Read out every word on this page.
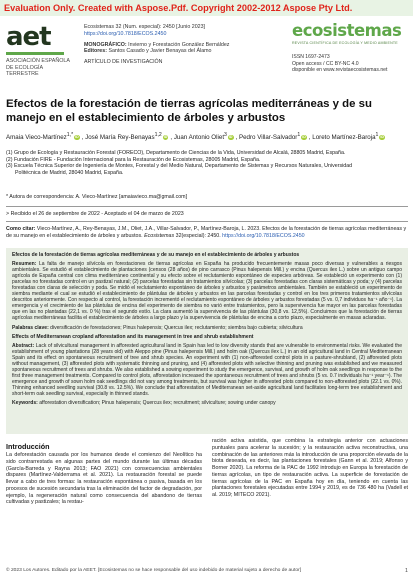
Evaluation Only. Created with Aspose.Pdf. Copyright 2002-2012 Aspose Pty Ltd.
aet
ASOCIACIÓN ESPAÑOLA
DE ECOLOGÍA TERRESTRE
Ecosistemas 32 (Num. especial): 2450 [Junio 2023]
https://doi.org/10.7818/ECOS.2450
MONOGRÁFICO: Invierno y Forestación González Bernáldez
Editores: Santos Casado y Javier Benayas del Álamo
ARTÍCULO DE INVESTIGACIÓN
ecosistemas
REVISTA CIENTÍFICA DE ECOLOGÍA Y MEDIO AMBIENTE
ISSN 1697-2473
Open access / CC BY-NC 4.0
disponible en www.revistaecosistemas.net
Efectos de la forestación de tierras agrícolas mediterráneas y de su manejo en el establecimiento de árboles y arbustos
Amaia Vieco-Martínez$^{1,*}$ iD , José María Rey-Benayas$^{1,2}$ iD , Juan Antonio Oliet$^3$ iD , Pedro Villar-Salvador$^1$ iD , Loreto Martínez-Baroja$^1$ iD
(1) Grupo de Ecología y Restauración Forestal (FORECO), Departamento de Ciencias de la Vida, Universidad de Alcalá, 28805 Madrid, España.
(2) Fundación FIRE - Fundación Internacional para la Restauración de Ecosistemas, 28005 Madrid, España.
(3) Escuela Técnica Superior de Ingeniería de Montes, Forestal y del Medio Natural, Departamento de Sistemas y Recursos Naturales, Universidad
Politécnica de Madrid, 28040 Madrid, España.
* Autora de correspondencia: A. Vieco-Martínez [amaiavieco.ma@gmail.com]
> Recibido el 26 de septiembre de 2022 - Aceptado el 04 de marzo de 2023
Como citar: Vieco-Martínez, A., Rey-Benayas, J.M., Oliet, J.A., Villar-Salvador, P., Martínez-Baroja, L. 2023. Efectos de la forestación de tierras agrícolas mediterráneas y de su manejo en el establecimiento de árboles y arbustos. Ecosistemas 32(especial): 2450. https://doi.org/10.7818/ECOS.2450
Efectos de la forestación de tierras agrícolas mediterráneas y de su manejo en el establecimiento de árboles y arbustos

Resumen: La falta de manejo silvícola en forestaciones de tierras agrícolas en España ha producido frecuentemente masas poco diversas y vulnerables a riesgos ambientales. Se estudió el establecimiento de plantaciones (censos (28 años) de pino carrasco (Pinus halepensis Mill.) y encina (Quercus ilex L.) sobre un antiguo campo agrícola de España central con clima mediterráneo continental y su efecto sobre el reclutamiento espontáneo de especies arbóreas. Se estableció un experimento con (1) parcelas no forestadas control en un pastizal natural; (2) parcelas forestadas sin tratamientos silvícolas; (3) parcelas forestadas con claras sistemáticas y poda; y (4) parcelas forestadas con claras de selección y poda. Se midió el reclutamiento espontáneo de árboles y arbustos y parámetros ambientales. También se estableció un experimento de siembra mediante el cual se estudió el establecimiento de plántulas de árboles y arbustos en las parcelas forestadas y control en los tres primeros tratamientos silvícolas descritos anteriormente. Con respecto al control, la forestación incrementó el reclutamiento espontáneo de árboles y arbustos forestadas (5 vs. 0,7 individuos ha⁻¹ año⁻¹). La emergencia y el crecimiento de las plántulas de encina del experimento de siembra no varió entre tratamientos, pero la supervivencia fue mayor en las parcelas forestadas que en las no plantadas (22,1 vs. 0 %) tras el segundo estío. La clara aumentó la supervivencia de las plántulas (30,8 vs. 12,5%). Concluimos que la forestación de tierras agrícolas mediterráneas facilita el establecimiento de árboles a largo plazo y la supervivencia de plántulas de encina a corto plazo, especialmente en masas aclaradas.

Palabras clave: diversificación de forestaciones; Pinus halepensis; Quercus ilex; reclutamiento; siembra bajo cubierta; silvicultura

Effects of Mediterranean cropland afforestation and its management in tree and shrub establishment

Abstract: Lack of silvicultural management in afforested agricultural land in Spain has led to low diversity stands that are vulnerable to environmental risks. We evaluated the establishment of young plantations (28 years old) with Aleppo pine (Pinus halepensis Mill.) and holm oak (Quercus ilex L.) in an old agricultural land in Central Mediterranean Spain and its effect on spontaneous recruitment of tree and shrub species. An experiment with (1) non-afforested control plots in a pasture-shrubland, (2) afforested plots without management, (3) afforested plots with systematic thinning and pruning, and (4) afforested plots with selective thinning and pruning was established and we measured spontaneous recruitment of trees and shrubs. We also established a sowing experiment to study the emergence, survival, and growth of holm oak seedlings in response to the first three management treatments. Compared to control plots, afforestation increased the spontaneous recruitment of trees and shrubs (5 vs. 0.7 individuals ha⁻¹ year⁻¹). The emergence and growth of sown holm oak seedlings did not vary among treatments, but survival was higher in afforested plots compared to non-afforested plots (22.1 vs. 0%). Thinning enhanced seedling survival (30.8 vs. 12.5%). We conclude that afforestation of Mediterranean set-aside agricultural land facilitates long-term tree establishment and short-term oak seedling survival, especially in thinned stands.

Keywords: afforestation diversification; Pinus halepensis; Quercus ilex; recruitment; silviculture; sowing under canopy

Introducción
La deforestación causada por los humanos desde el comienzo del Neolítico ha sido contrarrestada en algunas partes del mundo durante las últimas décadas (García-Barreda y Rayna 2013; FAO 2021) con consecuencias ambientales dispares (Martínez-Valderrama et al. 2021). La restauración forestal se puede llevar a cabo de tres formas: la restauración espontánea o pasiva, basada en los procesos de sucesión secundaria tras la eliminación del factor de degradación, por ejemplo, la regeneración natural como consecuencia del abandono de tierras cultivadas y pastizales; la restau-
ración activa asistida, que combina la estrategia anterior con actuaciones puntuales para acelerar la sucesión; y la restauración activa reconstructiva, una combinación de las anteriores más la introducción de una proporción elevada de la biota deseada, es decir, las plantaciones forestales (Gann et al. 2019; Alfonso y Borner 2020). La reforma de la PAC de 1992 introdujo en Europa la forestación de tierras agrícolas, un tipo de restauración activa. La superficie de forestación de tierras agrícolas de la PAC en España hoy en día, teniendo en cuenta las plantaciones forestales ejecutadas entre 1994 y 2019, es de 736 480 ha (Vadell et al. 2019; MITECO 2021).
© 2023 Los Autores. Editado por la AEET. [Ecosistemas no se hace responsable del uso indebido de material sujeto a derecho de autor]	1
